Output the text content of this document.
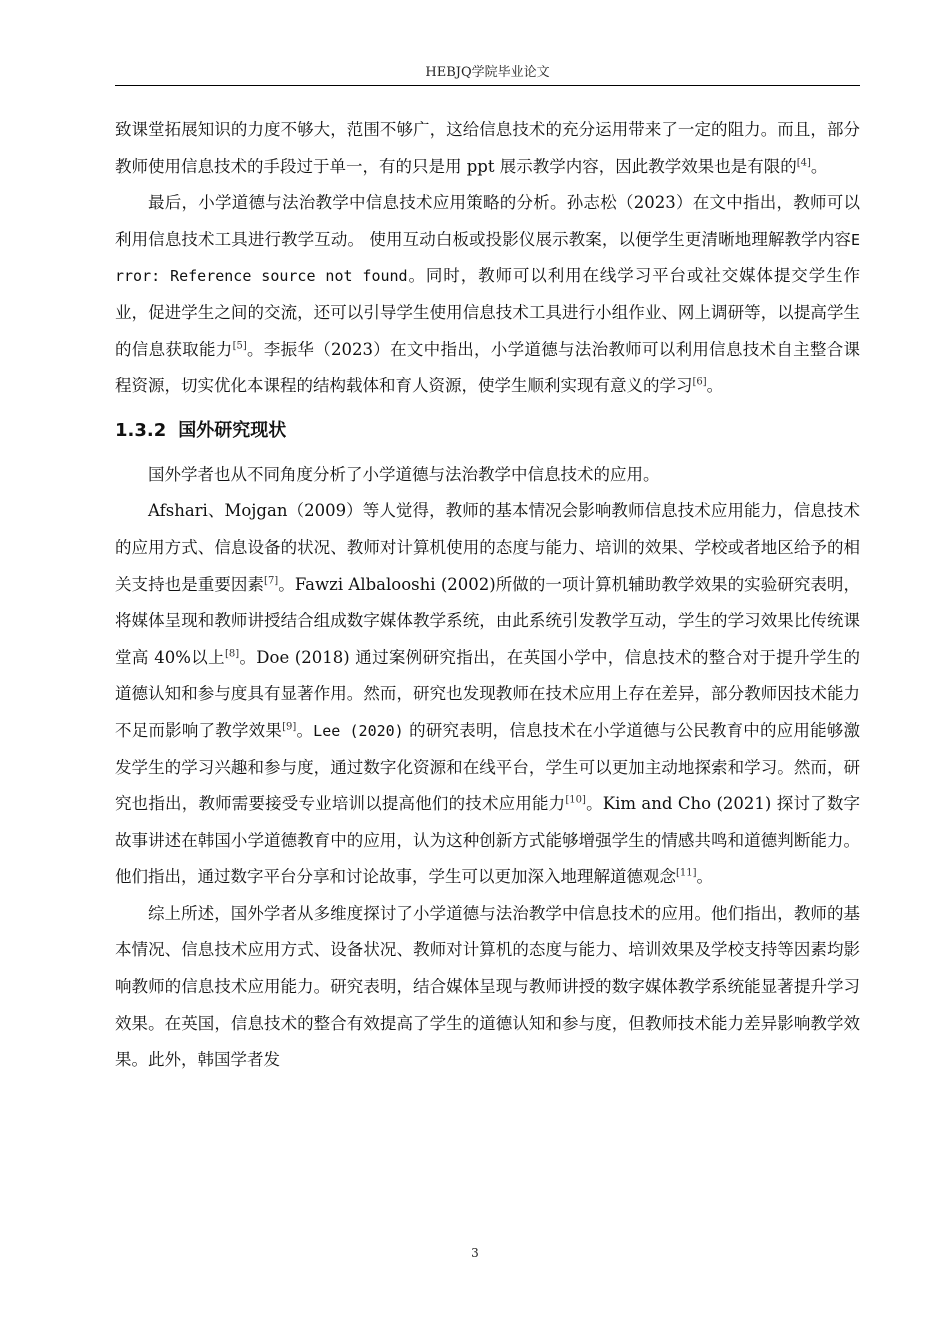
HEBJQ学院毕业论文

致课堂拓展知识的力度不够大，范围不够广，这给信息技术的充分运用带来了一定的阻力。而且，部分教师使用信息技术的手段过于单一，有的只是用 ppt 展示教学内容，因此教学效果也是有限的[4]。

最后，小学道德与法治教学中信息技术应用策略的分析。孙志松（2023）在文中指出，教师可以利用信息技术工具进行教学互动。 使用互动白板或投影仪展示教案，以便学生更清晰地理解教学内容Error: Reference source not found。同时，教师可以利用在线学习平台或社交媒体提交学生作业，促进学生之间的交流，还可以引导学生使用信息技术工具进行小组作业、网上调研等，以提高学生的信息获取能力[5]。李振华（2023）在文中指出，小学道德与法治教师可以利用信息技术自主整合课程资源，切实优化本课程的结构载体和育人资源，使学生顺利实现有意义的学习[6]。

1.3.2 国外研究现状

国外学者也从不同角度分析了小学道德与法治教学中信息技术的应用。

Afshari、Mojgan（2009）等人觉得，教师的基本情况会影响教师信息技术应用能力，信息技术的应用方式、信息设备的状况、教师对计算机使用的态度与能力、培训的效果、学校或者地区给予的相关支持也是重要因素[7]。Fawzi Albalooshi (2002)所做的一项计算机辅助教学效果的实验研究表明，将媒体呈现和教师讲授结合组成数字媒体教学系统，由此系统引发教学互动，学生的学习效果比传统课堂高 40%以上[8]。Doe (2018) 通过案例研究指出，在英国小学中，信息技术的整合对于提升学生的道德认知和参与度具有显著作用。然而，研究也发现教师在技术应用上存在差异，部分教师因技术能力不足而影响了教学效果[9]。Lee (2020) 的研究表明，信息技术在小学道德与公民教育中的应用能够激发学生的学习兴趣和参与度，通过数字化资源和在线平台，学生可以更加主动地探索和学习。然而，研究也指出，教师需要接受专业培训以提高他们的技术应用能力[10]。Kim and Cho (2021) 探讨了数字故事讲述在韩国小学道德教育中的应用，认为这种创新方式能够增强学生的情感共鸣和道德判断能力。他们指出，通过数字平台分享和讨论故事，学生可以更加深入地理解道德观念[11]。

综上所述，国外学者从多维度探讨了小学道德与法治教学中信息技术的应用。他们指出，教师的基本情况、信息技术应用方式、设备状况、教师对计算机的态度与能力、培训效果及学校支持等因素均影响教师的信息技术应用能力。研究表明，结合媒体呈现与教师讲授的数字媒体教学系统能显著提升学习效果。在英国，信息技术的整合有效提高了学生的道德认知和参与度，但教师技术能力差异影响教学效果。此外，韩国学者发

3
